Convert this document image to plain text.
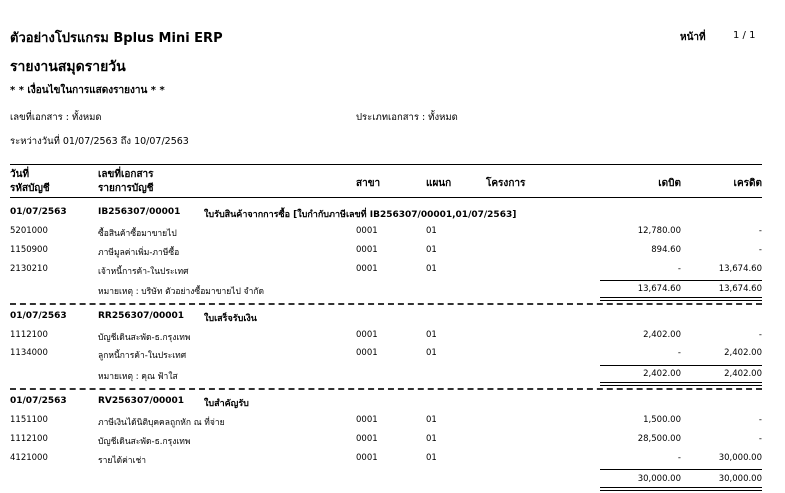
ตัวอย่างโปรแกรม Bplus Mini ERP	หน้าที่	1 / 1
รายงานสมุดรายวัน
* * เงื่อนไขในการแสดงรายงาน * *
เลขที่เอกสาร : ทั้งหมด	ประเภทเอกสาร : ทั้งหมด
ระหว่างวันที่ 01/07/2563 ถึง 10/07/2563
วันที่
รหัสบัญชี
เลขที่เอกสาร
รายการบัญชี	สาขา	แผนก	โครงการ	เดบิต	เครดิต
01/07/2563	IB256307/00001	ใบรับสินค้าจากการซื้อ [ใบกำกับภาษีเลขที่ IB256307/00001,01/07/2563]
5201000	ซื้อสินค้าซื้อมาขายไป	0001	01	12,780.00	-
1150900	ภาษีมูลค่าเพิ่ม-ภาษีซื้อ	0001	01	894.60	-
2130210	เจ้าหนี้การค้า-ในประเทศ	0001	01	-	13,674.60
หมายเหตุ : บริษัท ตัวอย่างซื้อมาขายไป จำกัด	13,674.60	13,674.60
01/07/2563	RR256307/00001 ใบเสร็จรับเงิน
1112100	บัญชีเดินสะพัด-ธ.กรุงเทพ	0001	01	2,402.00	-
1134000	ลูกหนี้การค้า-ในประเทศ	0001	01	-	2,402.00
หมายเหตุ : คุณ ฟ้าใส	2,402.00	2,402.00
01/07/2563	RV256307/00001 ใบสำคัญรับ
1151100	ภาษีเงินได้นิติบุคคลถูกหัก ณ ที่จ่าย	0001	01	1,500.00	-
1112100	บัญชีเดินสะพัด-ธ.กรุงเทพ	0001	01	28,500.00	-
4121000	รายได้ค่าเช่า	0001	01	-	30,000.00
30,000.00	30,000.00
